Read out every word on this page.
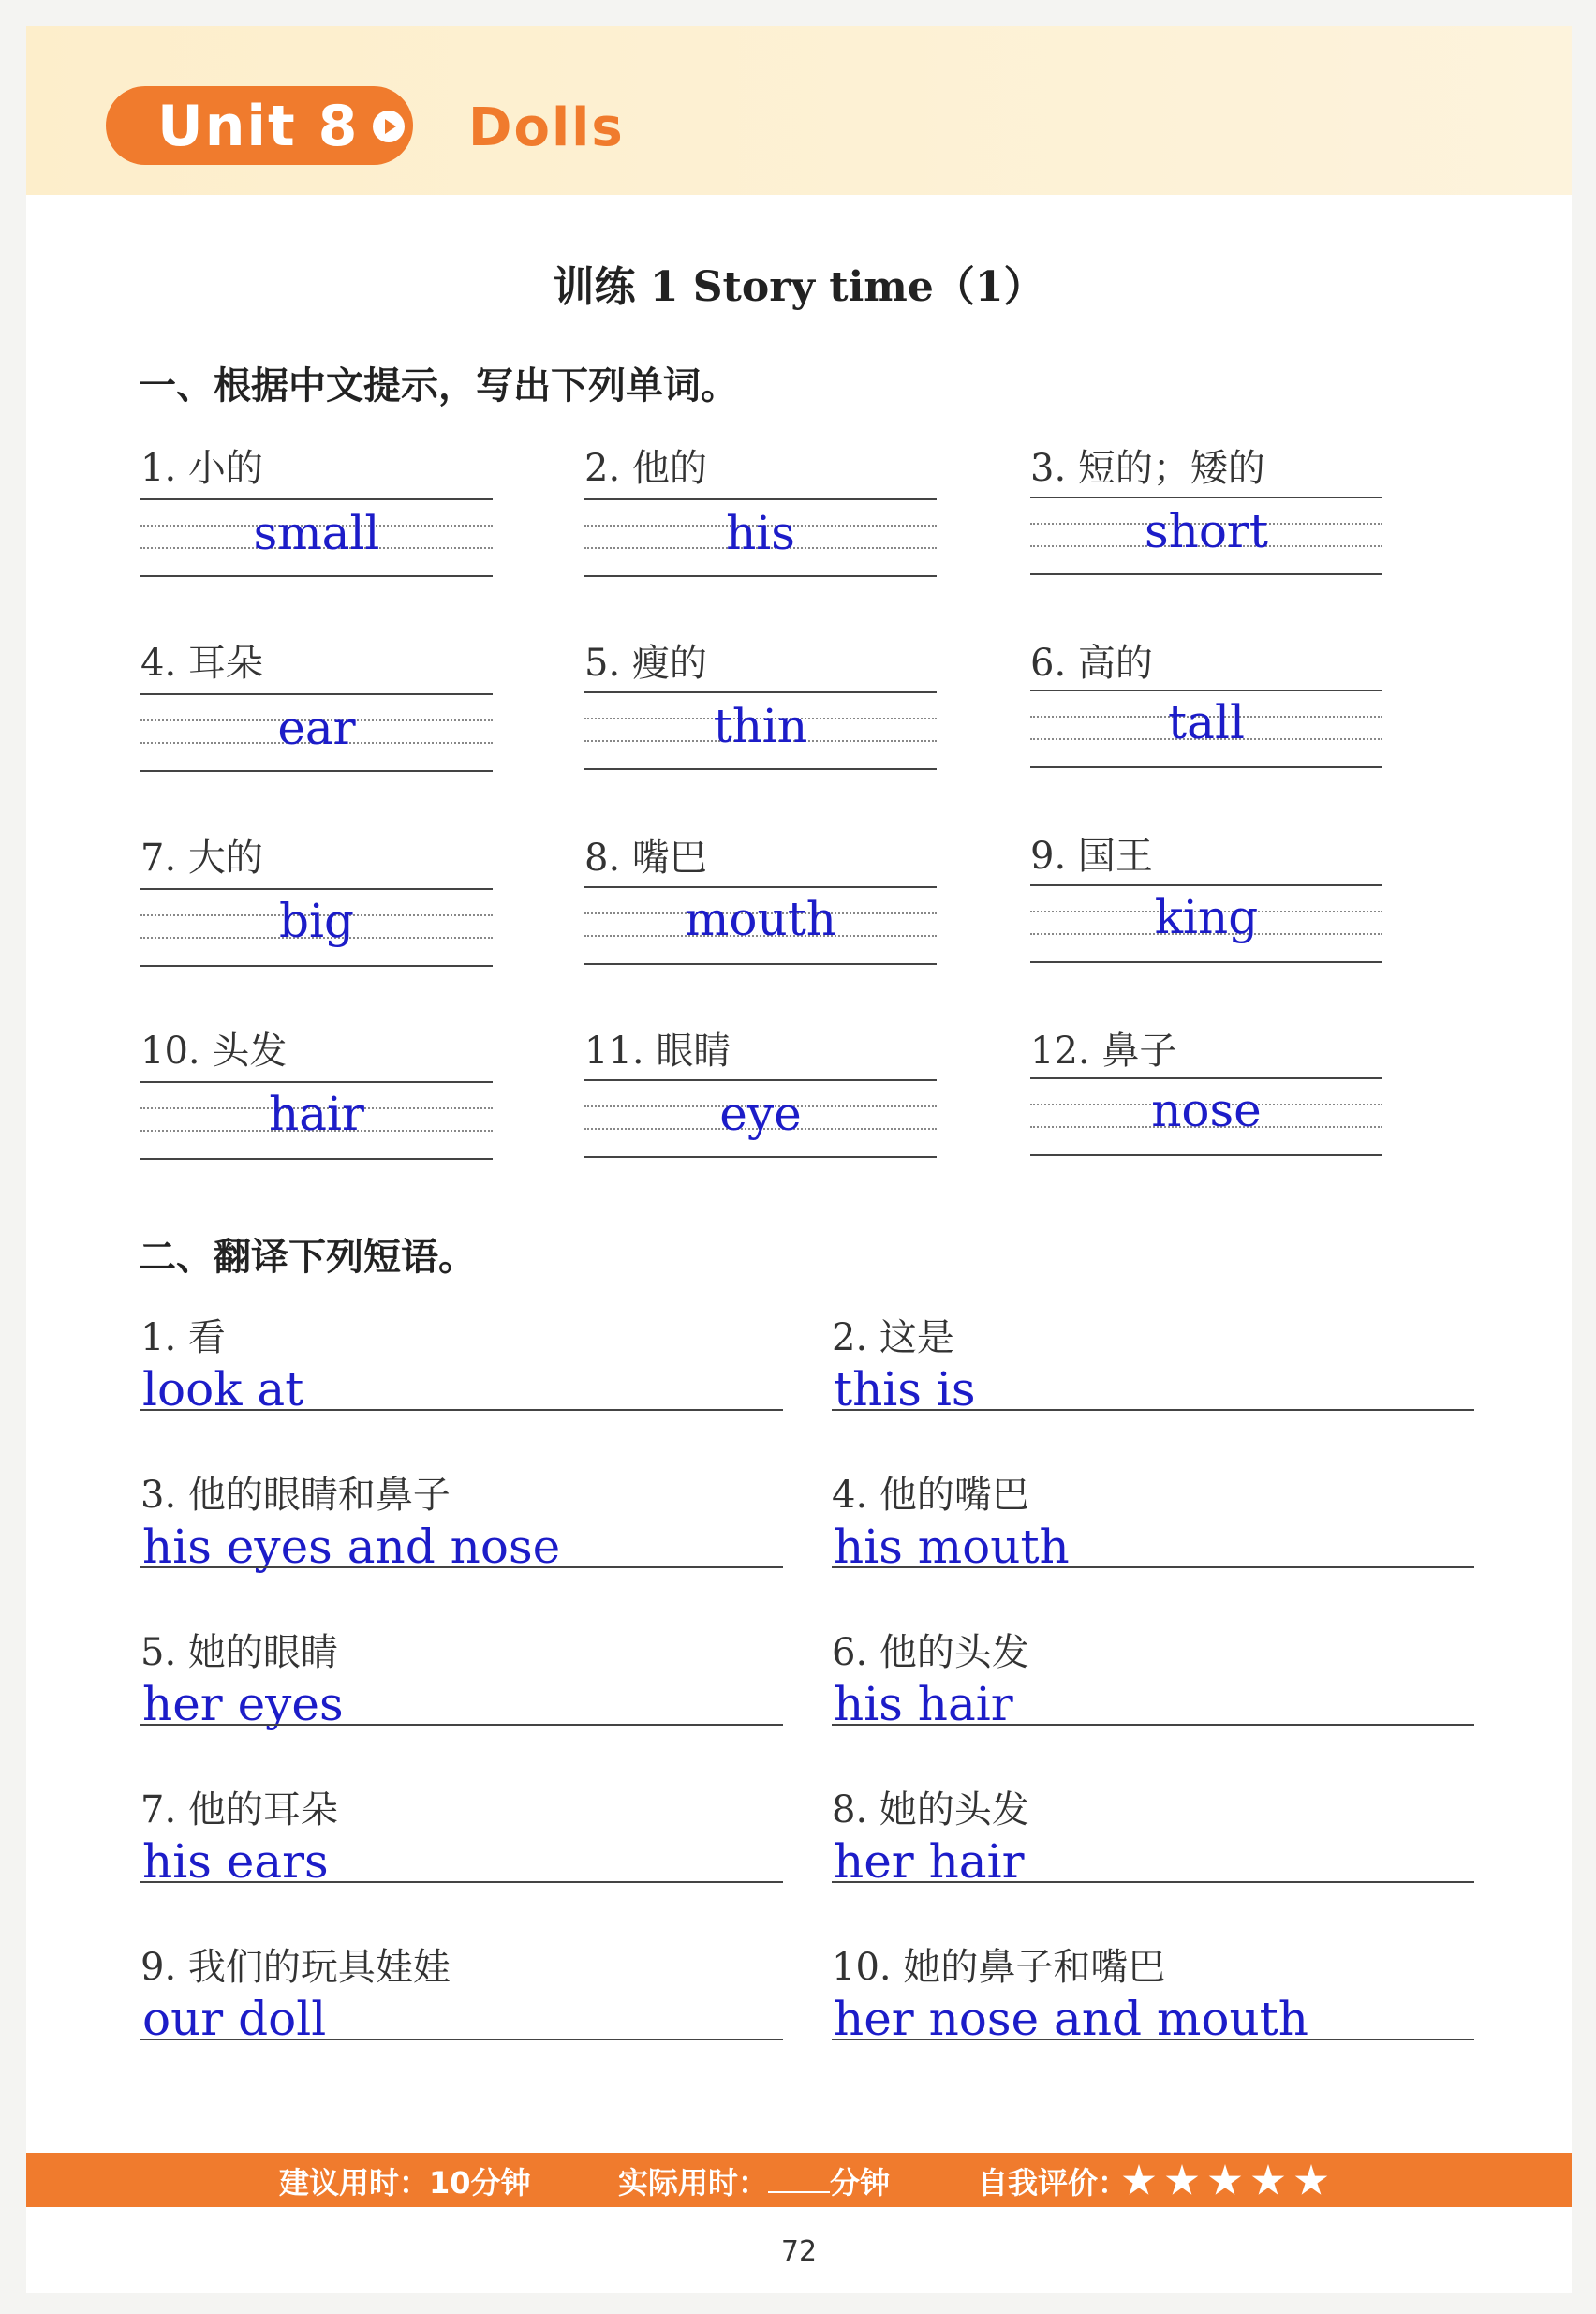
Unit 8 Dolls
训练 1 Story time（1）
一、根据中文提示，写出下列单词。
1. 小的	2. 他的	3. 短的；矮的
small	his	short
4. 耳朵	5. 瘦的	6. 高的
ear	thin	tall
7. 大的	8. 嘴巴	9. 国王
big	mouth	king
10. 头发	11. 眼睛	12. 鼻子
hair	eye	nose
二、翻译下列短语。
1. 看
look at
2. 这是
this is
3. 他的眼睛和鼻子
his eyes and nose
4. 他的嘴巴
his mouth
5. 她的眼睛
her eyes
6. 他的头发
his hair
7. 他的耳朵
his ears
8. 她的头发
her hair
9. 我们的玩具娃娃
our doll
10. 她的鼻子和嘴巴
her nose and mouth
建议用时：10分钟	实际用时： 分钟	自我评价：
72
